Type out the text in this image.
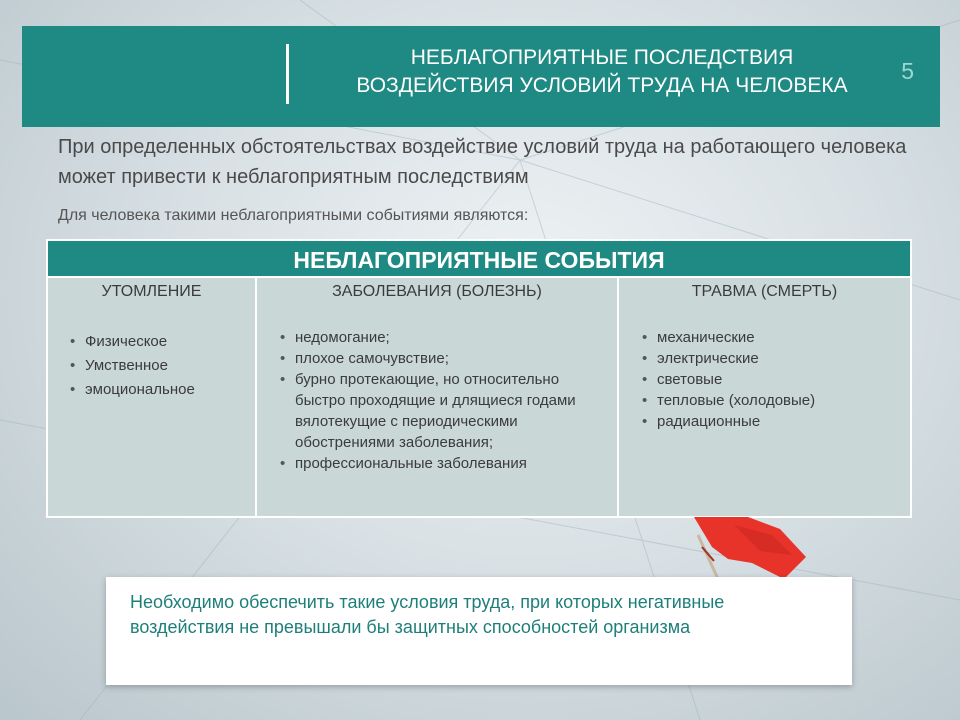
НЕБЛАГОПРИЯТНЫЕ ПОСЛЕДСТВИЯ
ВОЗДЕЙСТВИЯ УСЛОВИЙ ТРУДА НА ЧЕЛОВЕКА
5
При определенных обстоятельствах воздействие условий труда на работающего человека может привести к неблагоприятным последствиям
Для человека такими неблагоприятными событиями являются:
НЕБЛАГОПРИЯТНЫЕ СОБЫТИЯ
УТОМЛЕНИЕ
• Физическое
• Умственное
• эмоциональное
ЗАБОЛЕВАНИЯ (БОЛЕЗНЬ)
• недомогание;
• плохое самочувствие;
• бурно протекающие, но относительно быстро проходящие и длящиеся годами вялотекущие с периодическими обострениями заболевания;
• профессиональные заболевания
ТРАВМА (СМЕРТЬ)
• механические
• электрические
• световые
• тепловые (холодовые)
• радиационные
Необходимо обеспечить такие условия труда, при которых негативные воздействия не превышали бы защитных способностей организма
